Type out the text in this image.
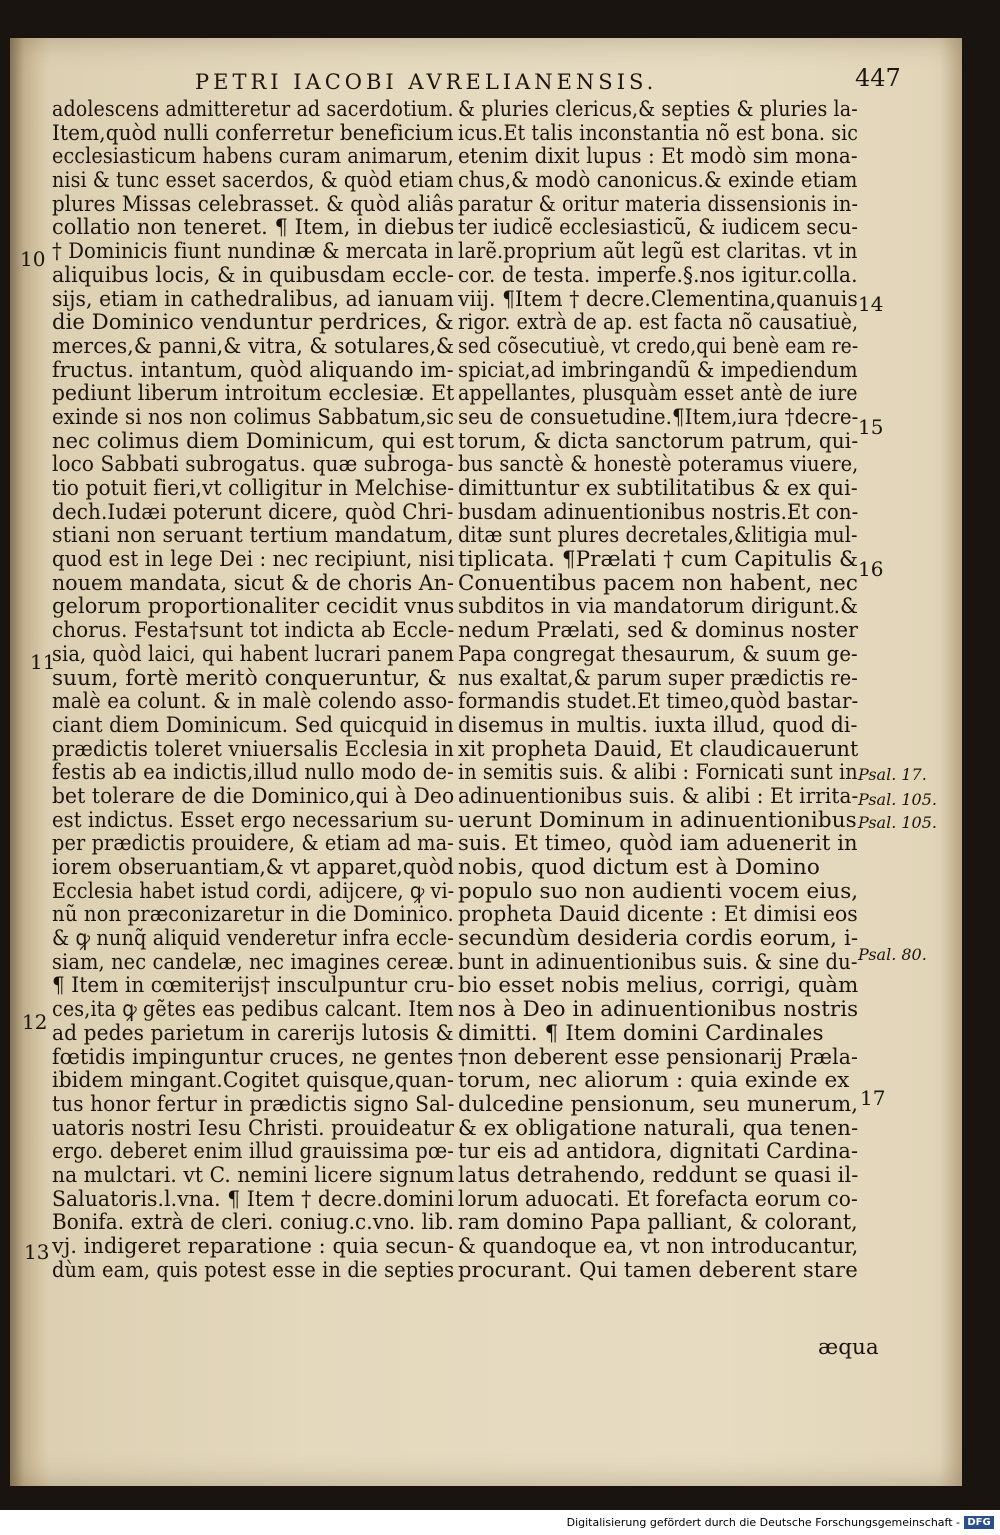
PETRI IACOBI AVRELIANENSIS.	447
adolescens admitteretur ad sacerdotium.
Item,quòd nulli conferretur beneficium
ecclesiasticum habens curam animarum,
nisi & tunc esset sacerdos, & quòd etiam
plures Missas celebrasset. & quòd aliâs
collatio non teneret. ¶ Item, in diebus
† Dominicis fiunt nundinæ & mercata in
aliquibus locis, & in quibusdam eccle-
sijs, etiam in cathedralibus, ad ianuam
die Dominico venduntur perdrices, &
merces,& panni,& vitra, & sotulares,&
fructus. intantum, quòd aliquando im-
pediunt liberum introitum ecclesiæ. Et
exinde si nos non colimus Sabbatum,sic
nec colimus diem Dominicum, qui est
loco Sabbati subrogatus. quæ subroga-
tio potuit fieri,vt colligitur in Melchise-
dech.Iudæi poterunt dicere, quòd Chri-
stiani non seruant tertium mandatum,
quod est in lege Dei : nec recipiunt, nisi
nouem mandata, sicut & de choris An-
gelorum proportionaliter cecidit vnus
chorus. Festa†sunt tot indicta ab Eccle-
sia, quòd laici, qui habent lucrari panem
suum, fortè meritò conqueruntur, &
malè ea colunt. & in malè colendo asso-
ciant diem Dominicum. Sed quicquid in
prædictis toleret vniuersalis Ecclesia in
festis ab ea indictis,illud nullo modo de-
bet tolerare de die Dominico,qui à Deo
est indictus. Esset ergo necessarium su-
per prædictis prouidere, & etiam ad ma-
iorem obseruantiam,& vt apparet,quòd
Ecclesia habet istud cordi, adijcere, ꝙ vi-
nũ non præconizaretur in die Dominico.
& ꝙ nunq̃ aliquid venderetur infra eccle-
siam, nec candelæ, nec imagines cereæ.
¶ Item in cœmiterijs† insculpuntur cru-
ces,ita ꝙ gẽtes eas pedibus calcant. Item
ad pedes parietum in carerijs lutosis &
fœtidis impinguntur cruces, ne gentes
ibidem mingant.Cogitet quisque,quan-
tus honor fertur in prædictis signo Sal-
uatoris nostri Iesu Christi. prouideatur
ergo. deberet enim illud grauissima pœ-
na mulctari. vt C. nemini licere signum
Saluatoris.l.vna. ¶ Item † decre.domini
Bonifa. extrà de cleri. coniug.c.vno. lib.
vj. indigeret reparatione : quia secun-
dùm eam, quis potest esse in die septies
& pluries clericus,& septies & pluries la-
icus.Et talis inconstantia nõ est bona. sic
etenim dixit lupus : Et modò sim mona-
chus,& modò canonicus.& exinde etiam
paratur & oritur materia dissensionis in-
ter iudicẽ ecclesiasticũ, & iudicem secu-
larẽ.proprium aũt legũ est claritas. vt in
cor. de testa. imperfe.§.nos igitur.colla.
viij. ¶Item † decre.Clementina,quanuis
rigor. extrà de ap. est facta nõ causatiuè,
sed cõsecutiuè, vt credo,qui benè eam re-
spiciat,ad imbringandũ & impediendum
appellantes, plusquàm esset antè de iure
seu de consuetudine.¶Item,iura †decre-
torum, & dicta sanctorum patrum, qui-
bus sanctè & honestè poteramus viuere,
dimittuntur ex subtilitatibus & ex qui-
busdam adinuentionibus nostris.Et con-
ditæ sunt plures decretales,&litigia mul-
tiplicata. ¶Prælati † cum Capitulis &
Conuentibus pacem non habent, nec
subditos in via mandatorum dirigunt.&
nedum Prælati, sed & dominus noster
Papa congregat thesaurum, & suum ge-
nus exaltat,& parum super prædictis re-
formandis studet.Et timeo,quòd bastar-
disemus in multis. iuxta illud, quod di-
xit propheta Dauid, Et claudicauerunt
in semitis suis. & alibi : Fornicati sunt in
adinuentionibus suis. & alibi : Et irrita-
uerunt Dominum in adinuentionibus
suis. Et timeo, quòd iam aduenerit in
nobis, quod dictum est à Domino
populo suo non audienti vocem eius,
propheta Dauid dicente : Et dimisi eos
secundùm desideria cordis eorum, i-
bunt in adinuentionibus suis. & sine du-
bio esset nobis melius, corrigi, quàm
nos à Deo in adinuentionibus nostris
dimitti. ¶ Item domini Cardinales
†non deberent esse pensionarij Præla-
torum, nec aliorum : quia exinde ex
dulcedine pensionum, seu munerum,
& ex obligatione naturali, qua tenen-
tur eis ad antidora, dignitati Cardina-
latus detrahendo, reddunt se quasi il-
lorum aduocati. Et forefacta eorum co-
ram domino Papa palliant, & colorant,
& quandoque ea, vt non introducantur,
procurant. Qui tamen deberent stare
10
11
12
13
14
15
16
17
Psal. 17.
Psal. 105.
Psal. 105.
Psal. 80.
æqua
Digitalisierung gefördert durch die Deutsche Forschungsgemeinschaft - DFG
